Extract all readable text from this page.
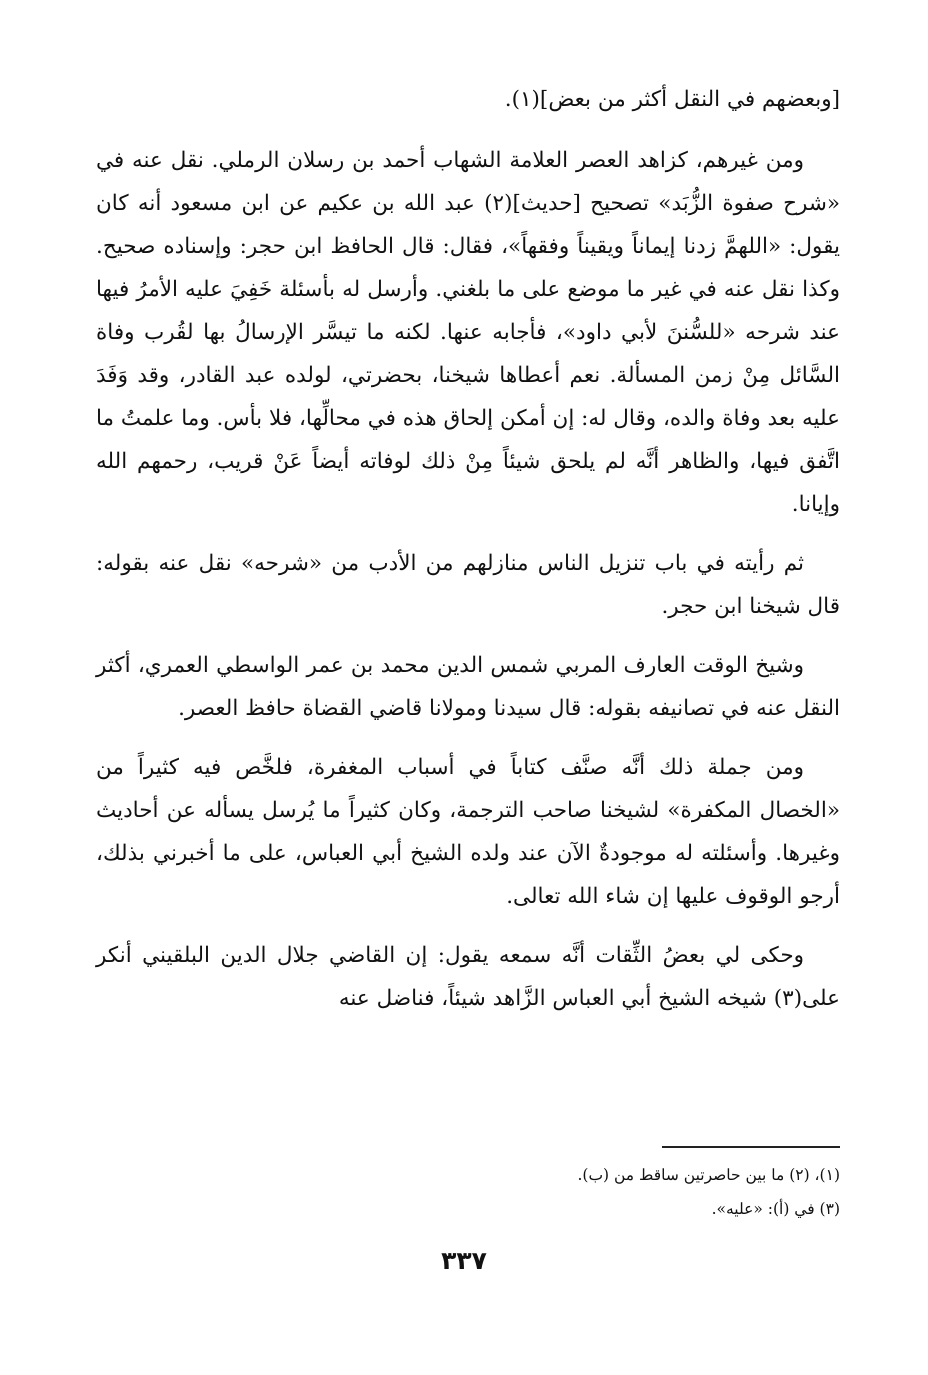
[وبعضهم في النقل أكثر من بعض](١).

ومن غيرهم، كزاهد العصر العلامة الشهاب أحمد بن رسلان الرملي. نقل عنه في «شرح صفوة الزُّبَد» تصحيح [حديث](٢) عبد الله بن عكيم عن ابن مسعود أنه كان يقول: «اللهمَّ زدنا إيماناً ويقيناً وفقهاً»، فقال: قال الحافظ ابن حجر: وإسناده صحيح. وكذا نقل عنه في غير ما موضع على ما بلغني. وأرسل له بأسئلة خَفِيَ عليه الأمرُ فيها عند شرحه «للسُّننَ لأبي داود»، فأجابه عنها. لكنه ما تيسَّر الإرسالُ بها لقُرب وفاة السَّائل مِنْ زمن المسألة. نعم أعطاها شيخنا، بحضرتي، لولده عبد القادر، وقد وَفَدَ عليه بعد وفاة والده، وقال له: إن أمكن إلحاق هذه في محالِّها، فلا بأس. وما علمتُ ما اتَّفق فيها، والظاهر أنَّه لم يلحق شيئاً مِنْ ذلك لوفاته أيضاً عَنْ قريب، رحمهم الله وإيانا.

ثم رأيته في باب تنزيل الناس منازلهم من الأدب من «شرحه» نقل عنه بقوله: قال شيخنا ابن حجر.

وشيخ الوقت العارف المربي شمس الدين محمد بن عمر الواسطي العمري، أكثر النقل عنه في تصانيفه بقوله: قال سيدنا ومولانا قاضي القضاة حافظ العصر.

ومن جملة ذلك أنَّه صنَّف كتاباً في أسباب المغفرة، فلخَّص فيه كثيراً من «الخصال المكفرة» لشيخنا صاحب الترجمة، وكان كثيراً ما يُرسل يسأله عن أحاديث وغيرها. وأسئلته له موجودةٌ الآن عند ولده الشيخ أبي العباس، على ما أخبرني بذلك، أرجو الوقوف عليها إن شاء الله تعالى.

وحكى لي بعضُ الثِّقات أنَّه سمعه يقول: إن القاضي جلال الدين البلقيني أنكر على(٣) شيخه الشيخ أبي العباس الزَّاهد شيئاً، فناضل عنه

(١)، (٢) ما بين حاصرتين ساقط من (ب).
(٣) في (أ): «عليه».
٣٣٧
